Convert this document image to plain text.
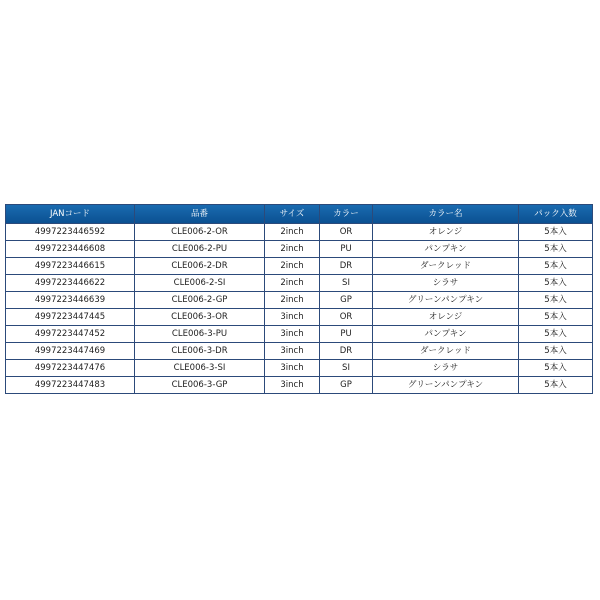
JANコード	品番	サイズ	カラー	カラー名	パック入数
4997223446592	CLE006-2-OR	2inch	OR	オレンジ	5本入
4997223446608	CLE006-2-PU	2inch	PU	パンプキン	5本入
4997223446615	CLE006-2-DR	2inch	DR	ダークレッド	5本入
4997223446622	CLE006-2-SI	2inch	SI	シラサ	5本入
4997223446639	CLE006-2-GP	2inch	GP	グリーンパンプキン	5本入
4997223447445	CLE006-3-OR	3inch	OR	オレンジ	5本入
4997223447452	CLE006-3-PU	3inch	PU	パンプキン	5本入
4997223447469	CLE006-3-DR	3inch	DR	ダークレッド	5本入
4997223447476	CLE006-3-SI	3inch	SI	シラサ	5本入
4997223447483	CLE006-3-GP	3inch	GP	グリーンパンプキン	5本入
